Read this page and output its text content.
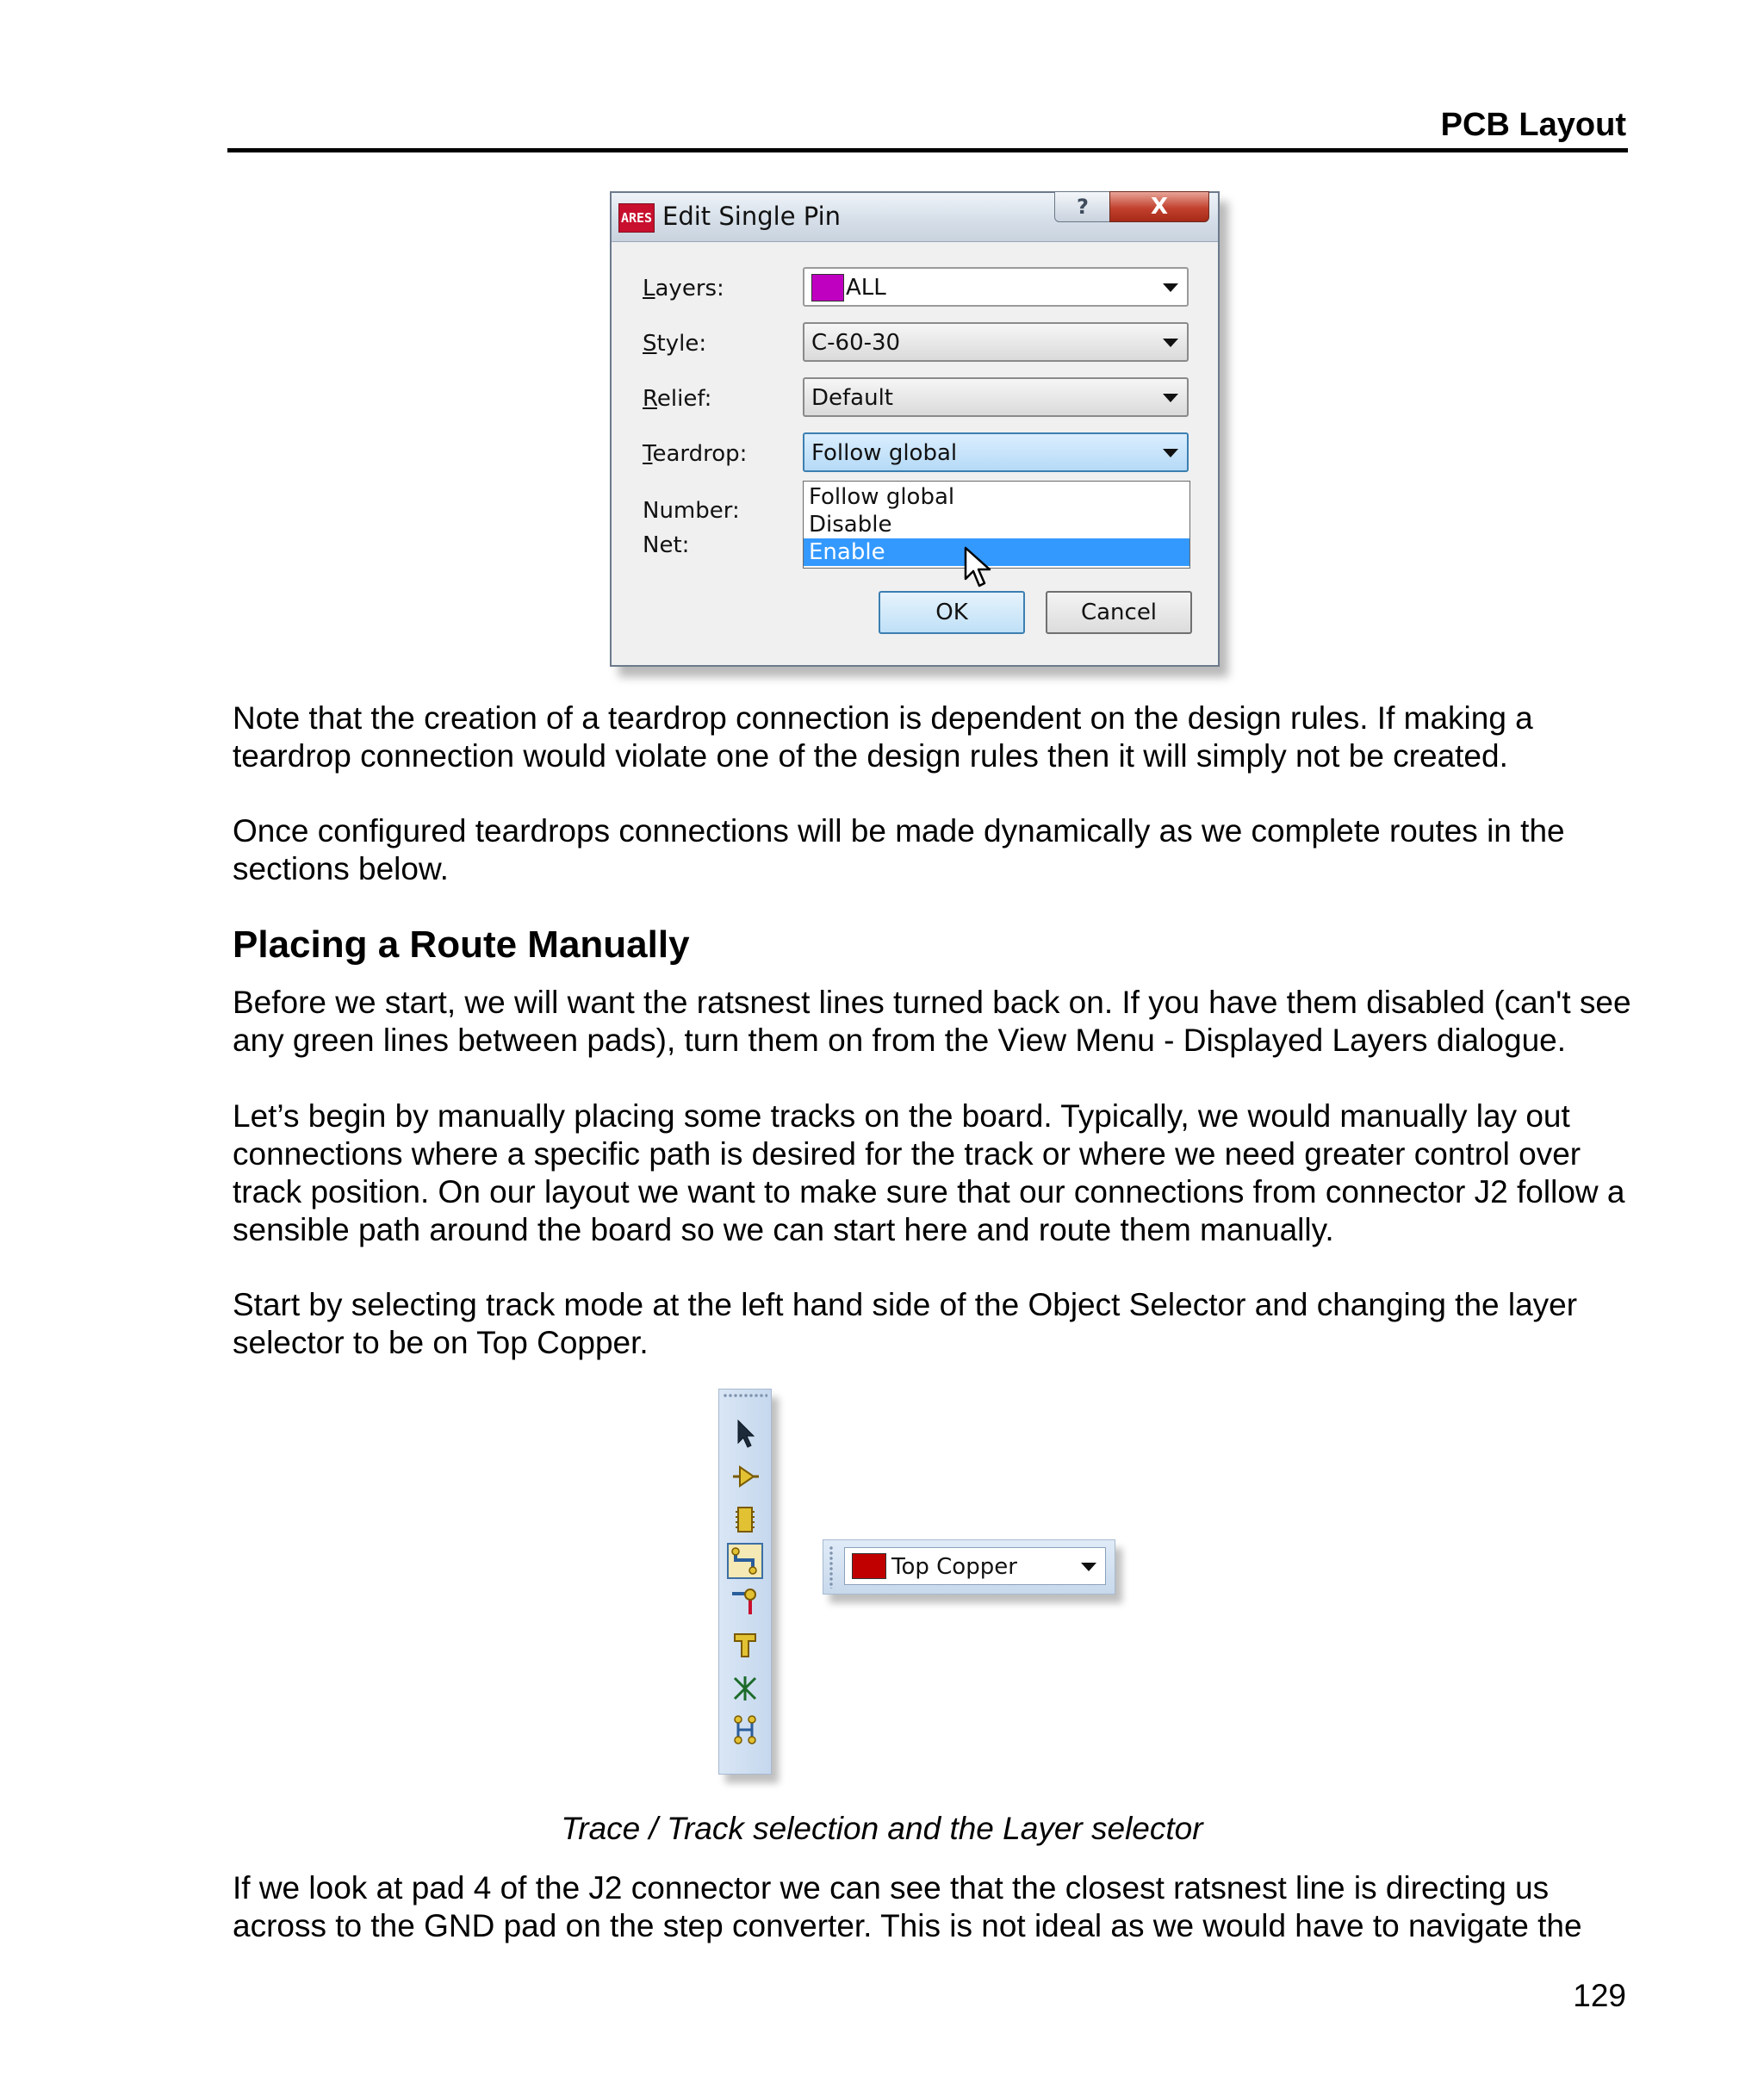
PCB Layout
ARES Edit Single Pin	?	X
Layers:	ALL
Style:	C-60-30
Relief:	Default
Teardrop:	Follow global
Number:
Net:
Follow global
Disable
Enable
OK	Cancel

Note that the creation of a teardrop connection is dependent on the design rules. If making a teardrop connection would violate one of the design rules then it will simply not be created.

Once configured teardrops connections will be made dynamically as we complete routes in the sections below.

Placing a Route Manually

Before we start, we will want the ratsnest lines turned back on. If you have them disabled (can't see any green lines between pads), turn them on from the View Menu - Displayed Layers dialogue.

Let’s begin by manually placing some tracks on the board. Typically, we would manually lay out connections where a specific path is desired for the track or where we need greater control over track position. On our layout we want to make sure that our connections from connector J2 follow a sensible path around the board so we can start here and route them manually.

Start by selecting track mode at the left hand side of the Object Selector and changing the layer selector to be on Top Copper.

Top Copper
Trace / Track selection and the Layer selector

If we look at pad 4 of the J2 connector we can see that the closest ratsnest line is directing us across to the GND pad on the step converter. This is not ideal as we would have to navigate the

129
